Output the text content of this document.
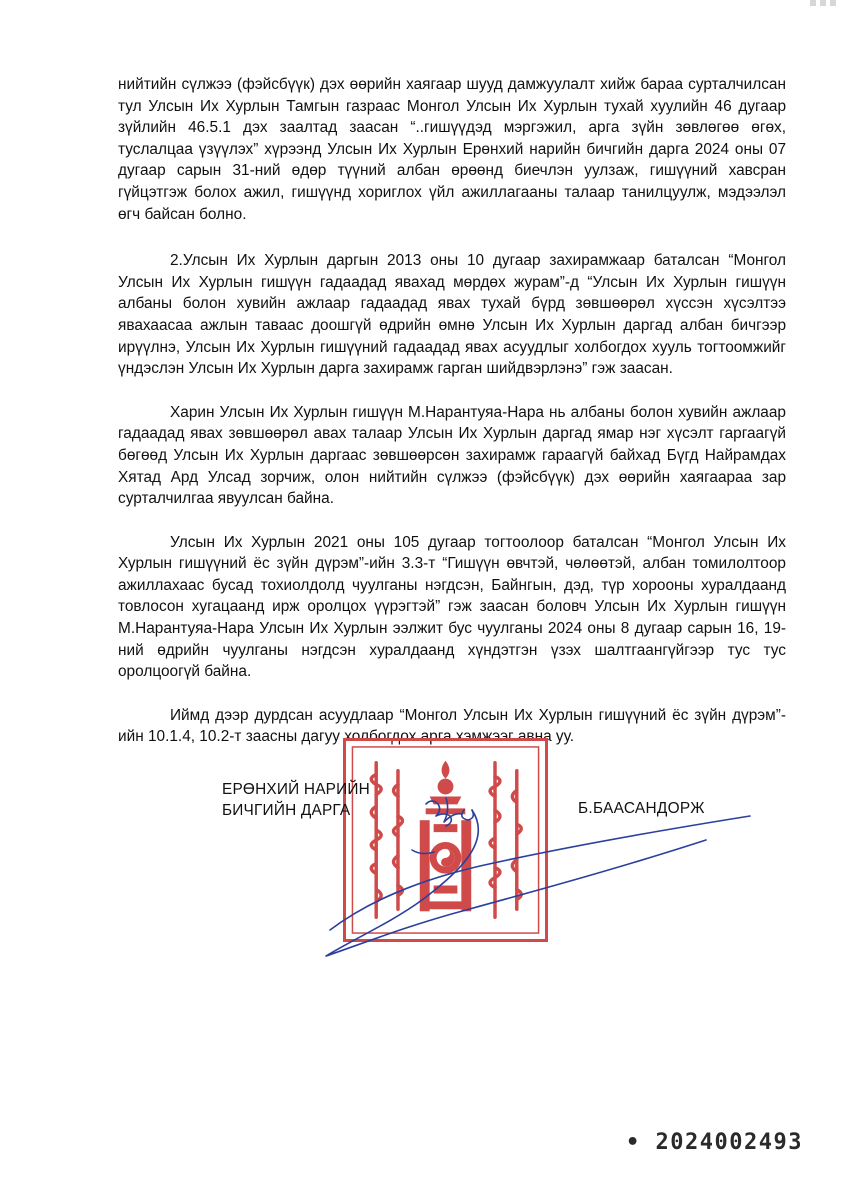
нийтийн сүлжээ (фэйсбүүк) дэх өөрийн хаягаар шууд дамжуулалт хийж бараа сурталчилсан тул Улсын Их Хурлын Тамгын газраас Монгол Улсын Их Хурлын тухай хуулийн 46 дугаар зүйлийн 46.5.1 дэх заалтад заасан “..гишүүдэд мэргэжил, арга зүйн зөвлөгөө өгөх, туслалцаа үзүүлэх” хүрээнд Улсын Их Хурлын Ерөнхий нарийн бичгийн дарга 2024 оны 07 дугаар сарын 31-ний өдөр түүний албан өрөөнд биечлэн уулзаж, гишүүний хавсран гүйцэтгэж болох ажил, гишүүнд хориглох үйл ажиллагааны талаар танилцуулж, мэдээлэл өгч байсан болно.

2.Улсын Их Хурлын даргын 2013 оны 10 дугаар захирамжаар баталсан “Монгол Улсын Их Хурлын гишүүн гадаадад явахад мөрдөх журам”-д “Улсын Их Хурлын гишүүн албаны болон хувийн ажлаар гадаадад явах тухай бүрд зөвшөөрөл хүссэн хүсэлтээ явахаасаа ажлын таваас доошгүй өдрийн өмнө Улсын Их Хурлын даргад албан бичгээр ирүүлнэ, Улсын Их Хурлын гишүүний гадаадад явах асуудлыг холбогдох хууль тогтоомжийг үндэслэн Улсын Их Хурлын дарга захирамж гарган шийдвэрлэнэ” гэж заасан.

Харин Улсын Их Хурлын гишүүн М.Нарантуяа-Нара нь албаны болон хувийн ажлаар гадаадад явах зөвшөөрөл авах талаар Улсын Их Хурлын даргад ямар нэг хүсэлт гаргаагүй бөгөөд Улсын Их Хурлын даргаас зөвшөөрсөн захирамж гараагүй байхад Бүгд Найрамдах Хятад Ард Улсад зорчиж, олон нийтийн сүлжээ (фэйсбүүк) дэх өөрийн хаягаараа зар сурталчилгаа явуулсан байна.

Улсын Их Хурлын 2021 оны 105 дугаар тогтоолоор баталсан “Монгол Улсын Их Хурлын гишүүний ёс зүйн дүрэм”-ийн 3.3-т “Гишүүн өвчтэй, чөлөөтэй, албан томилолтоор ажиллахаас бусад тохиолдолд чуулганы нэгдсэн, Байнгын, дэд, түр хорооны хуралдаанд товлосон хугацаанд ирж оролцох үүрэгтэй” гэж заасан боловч Улсын Их Хурлын гишүүн М.Нарантуяа-Нара Улсын Их Хурлын ээлжит бус чуулганы 2024 оны 8 дугаар сарын 16, 19-ний өдрийн чуулганы нэгдсэн хуралдаанд хүндэтгэн үзэх шалтгаангүйгээр тус тус оролцоогүй байна.

Иймд дээр дурдсан асуудлаар “Монгол Улсын Их Хурлын гишүүний ёс зүйн дүрэм”-ийн 10.1.4, 10.2-т заасны дагуу холбогдох арга хэмжээг авна уу.

ЕРӨНХИЙ НАРИЙН
БИЧГИЙН ДАРГА	Б.БААСАНДОРЖ
• 2024002493
